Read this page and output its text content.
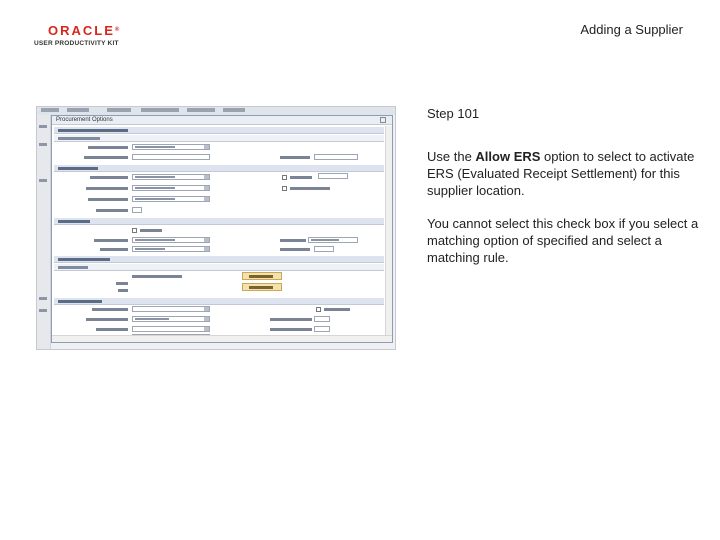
ORACLE®
USER PRODUCTIVITY KIT
Adding a Supplier
Procurement Options	Step 101
Use the Allow ERS option to select to activate ERS (Evaluated Receipt Settlement) for this supplier location.
You cannot select this check box if you select a matching option of specified and select a matching rule.
